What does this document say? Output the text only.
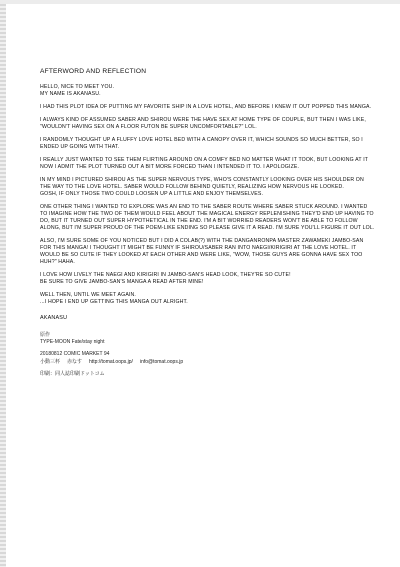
AFTERWORD AND REFLECTION
HELLO, NICE TO MEET YOU.
MY NAME IS AKANASU.
I HAD THIS PLOT IDEA OF PUTTING MY FAVORITE SHIP IN A LOVE HOTEL, AND BEFORE I KNEW IT OUT POPPED THIS MANGA.
I ALWAYS KIND OF ASSUMED SABER AND SHIROU WERE THE HAVE SEX AT HOME TYPE OF COUPLE, BUT THEN I WAS LIKE, "WOULDN'T HAVING SEX ON A FLOOR FUTON BE SUPER UNCOMFORTABLE?" LOL.
I RANDOMLY THOUGHT UP A FLUFFY LOVE HOTEL BED WITH A CANOPY OVER IT, WHICH SOUNDS SO MUCH BETTER, SO I ENDED UP GOING WITH THAT.
I REALLY JUST WANTED TO SEE THEM FLIRTING AROUND ON A COMFY BED NO MATTER WHAT IT TOOK, BUT LOOKING AT IT NOW I ADMIT THE PLOT TURNED OUT A BIT MORE FORCED THAN I INTENDED IT TO. I APOLOGIZE.
IN MY MIND I PICTURED SHIROU AS THE SUPER NERVOUS TYPE, WHO'S CONSTANTLY LOOKING OVER HIS SHOULDER ON THE WAY TO THE LOVE HOTEL. SABER WOULD FOLLOW BEHIND QUIETLY, REALIZING HOW NERVOUS HE LOOKED.
GOSH, IF ONLY THOSE TWO COULD LOOSEN UP A LITTLE AND ENJOY THEMSELVES.
ONE OTHER THING I WANTED TO EXPLORE WAS AN END TO THE SABER ROUTE WHERE SABER STUCK AROUND. I WANTED TO IMAGINE HOW THE TWO OF THEM WOULD FEEL ABOUT THE MAGICAL ENERGY REPLENISHING THEY'D END UP HAVING TO DO, BUT IT TURNED OUT SUPER HYPOTHETICAL IN THE END. I'M A BIT WORRIED READERS WON'T BE ABLE TO FOLLOW ALONG, BUT I'M SUPER PROUD OF THE POEM-LIKE ENDING SO PLEASE GIVE IT A READ. I'M SURE YOU'LL FIGURE IT OUT LOL.
ALSO, I'M SURE SOME OF YOU NOTICED BUT I DID A COLAB(?) WITH THE DANGANRONPA MASTER ZAWAMEKI JAMBO-SAN FOR THIS MANGA! I THOUGHT IT MIGHT BE FUNNY IF SHIROU/SABER RAN INTO NAEGI/KIRIGIRI AT THE LOVE HOTEL. IT WOULD BE SO CUTE IF THEY LOOKED AT EACH OTHER AND WERE LIKE, "WOW, THOSE GUYS ARE GONNA HAVE SEX TOO HUH?" HAHA.
I LOVE HOW LIVELY THE NAEGI AND KIRIGIRI IN JAMBO-SAN'S HEAD LOOK, THEY'RE SO CUTE!
BE SURE TO GIVE JAMBO-SAN'S MANGA A READ AFTER MINE!
WELL THEN, UNTIL WE MEET AGAIN.
...I HOPE I END UP GETTING THIS MANGA OUT ALRIGHT.
AKANASU
原作
TYPE-MOON Fate/stay night
20180812 COMIC MARKET 94
小動三杯 赤なす http://tomat.oops.jp/ info@tomat.oops.jp
印刷：同人誌印刷ドットコム
